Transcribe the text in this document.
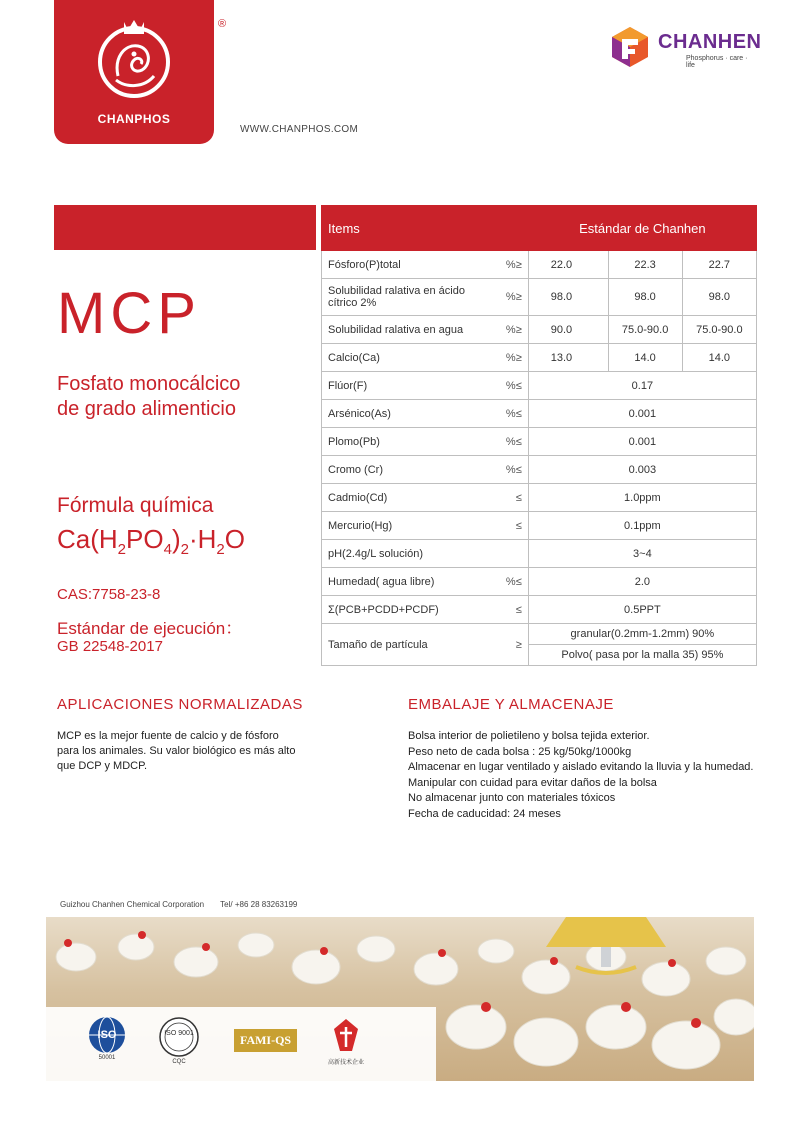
®
CHANPHOS
WWW.CHANPHOS.COM
CHANHEN
Phosphorus · care · life
MCP
Fosfato monocálcico
de grado alimenticio
Fórmula química
$Ca(H_2PO_4)_2\cdot H_2O$
CAS:7758-23-8
Estándar de ejecución：
GB 22548-2017
Items		Estándar de Chanhen		
Fósforo(P)total	%≥	22.0	22.3	22.7
Solubilidad ralativa en ácido cítrico 2%	%≥	98.0	98.0	98.0
Solubilidad ralativa en agua	%≥	90.0	75.0-90.0	75.0-90.0
Calcio(Ca)	%≥	13.0	14.0	14.0
Flúor(F)	%≤	0.17		
Arsénico(As)	%≤	0.001		
Plomo(Pb)	%≤	0.001		
Cromo (Cr)	%≤	0.003		
Cadmio(Cd)	≤	1.0ppm		
Mercurio(Hg)	≤	0.1ppm		
pH(2.4g/L solución)		3~4		
Humedad( agua libre)	%≤	2.0		
Σ(PCB+PCDD+PCDF)	≤	0.5PPT		
Tamaño de partícula	≥	granular(0.2mm-1.2mm) 90%		
		Polvo( pasa por la malla 35) 95%		
APLICACIONES NORMALIZADAS
MCP es la mejor fuente de calcio y de fósforo
para los animales. Su valor biológico es más alto
que DCP y MDCP.
EMBALAJE Y ALMACENAJE
Bolsa interior de polietileno y bolsa tejida exterior.
Peso neto de cada bolsa : 25 kg/50kg/1000kg
Almacenar en lugar ventilado y aislado evitando la lluvia y la humedad.
Manipular con cuidad para evitar daños de la bolsa
No almacenar junto con materiales tóxicos
Fecha de caducidad: 24 meses
Guizhou Chanhen Chemical Corporation Tel/ +86 28 83263199
ISO
50001
ISO 9001
CQC
FAMI-QS
高新技术企业
